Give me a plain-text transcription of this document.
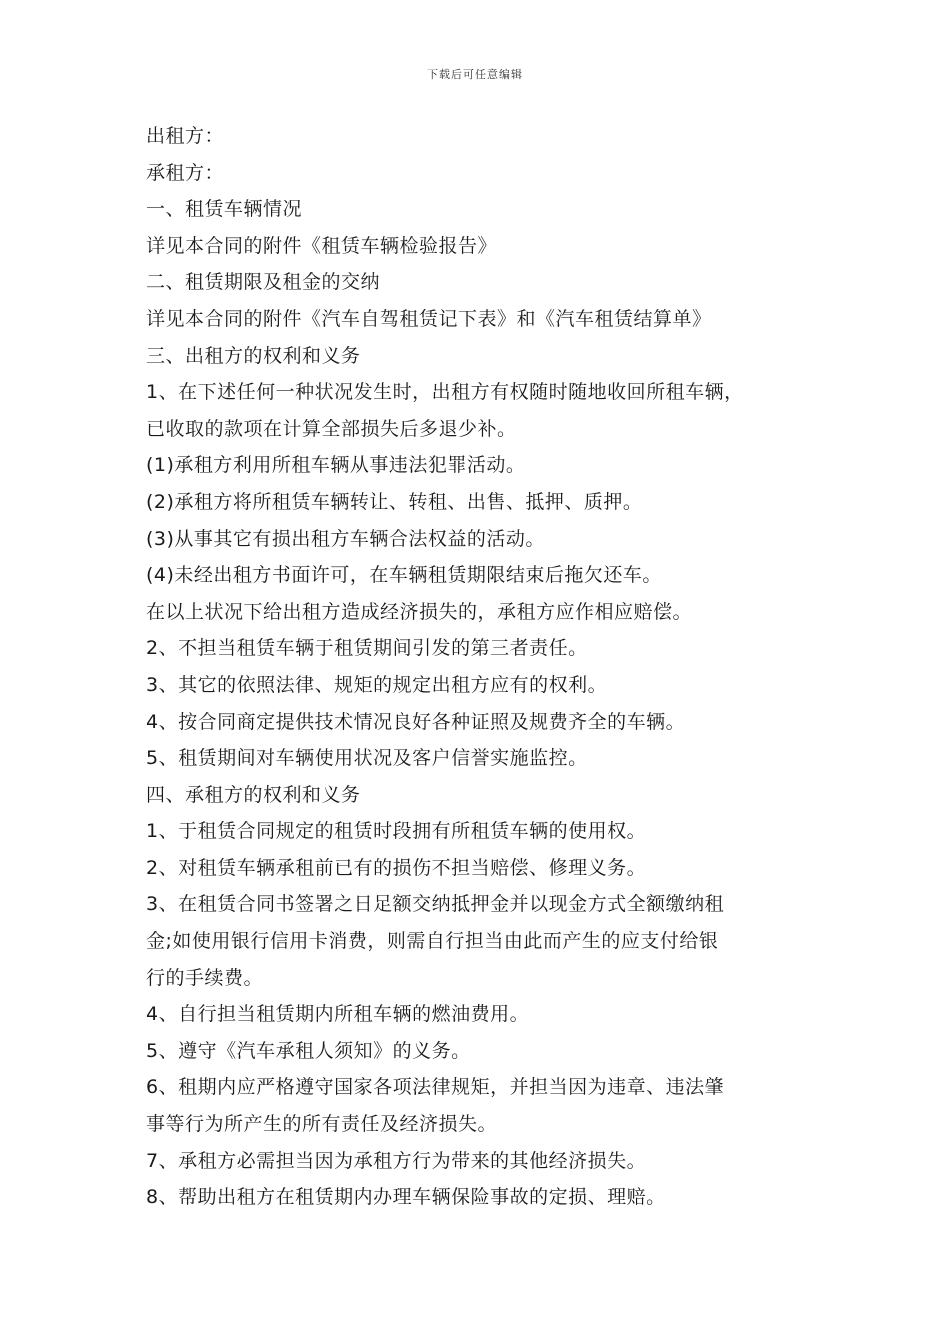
下载后可任意编辑
出租方：
承租方：
一、租赁车辆情况
详见本合同的附件《租赁车辆检验报告》
二、租赁期限及租金的交纳
详见本合同的附件《汽车自驾租赁记下表》和《汽车租赁结算单》
三、出租方的权利和义务
1、在下述任何一种状况发生时，出租方有权随时随地收回所租车辆，
已收取的款项在计算全部损失后多退少补。
(1)承租方利用所租车辆从事违法犯罪活动。
(2)承租方将所租赁车辆转让、转租、出售、抵押、质押。
(3)从事其它有损出租方车辆合法权益的活动。
(4)未经出租方书面许可，在车辆租赁期限结束后拖欠还车。
在以上状况下给出租方造成经济损失的，承租方应作相应赔偿。
2、不担当租赁车辆于租赁期间引发的第三者责任。
3、其它的依照法律、规矩的规定出租方应有的权利。
4、按合同商定提供技术情况良好各种证照及规费齐全的车辆。
5、租赁期间对车辆使用状况及客户信誉实施监控。
四、承租方的权利和义务
1、于租赁合同规定的租赁时段拥有所租赁车辆的使用权。
2、对租赁车辆承租前已有的损伤不担当赔偿、修理义务。
3、在租赁合同书签署之日足额交纳抵押金并以现金方式全额缴纳租
金;如使用银行信用卡消费，则需自行担当由此而产生的应支付给银
行的手续费。
4、自行担当租赁期内所租车辆的燃油费用。
5、遵守《汽车承租人须知》的义务。
6、租期内应严格遵守国家各项法律规矩，并担当因为违章、违法肇
事等行为所产生的所有责任及经济损失。
7、承租方必需担当因为承租方行为带来的其他经济损失。
8、帮助出租方在租赁期内办理车辆保险事故的定损、理赔。
